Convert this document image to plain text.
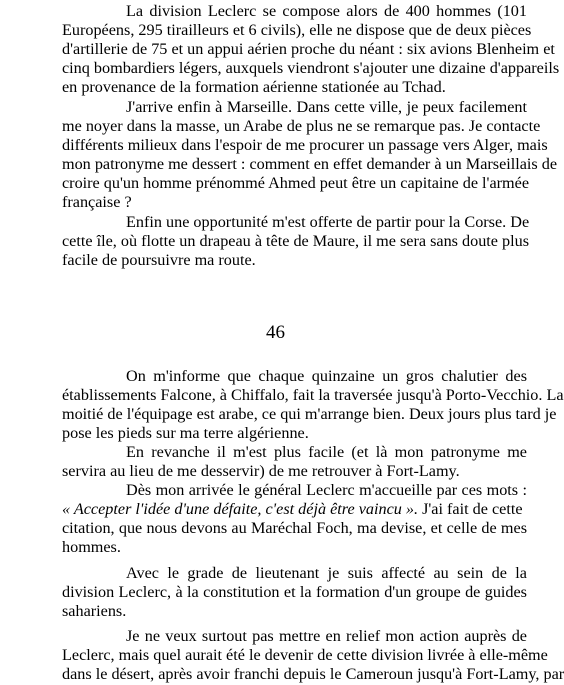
La division Leclerc se compose alors de 400 hommes (101
Européens, 295 tirailleurs et 6 civils), elle ne dispose que de deux pièces
d'artillerie de 75 et un appui aérien proche du néant : six avions Blenheim et
cinq bombardiers légers, auxquels viendront s'ajouter une dizaine d'appareils
en provenance de la formation aérienne stationée au Tchad.
J'arrive enfin à Marseille. Dans cette ville, je peux facilement
me noyer dans la masse, un Arabe de plus ne se remarque pas. Je contacte
différents milieux dans l'espoir de me procurer un passage vers Alger, mais
mon patronyme me dessert : comment en effet demander à un Marseillais de
croire qu'un homme prénommé Ahmed peut être un capitaine de l'armée
française ?
Enfin une opportunité m'est offerte de partir pour la Corse. De
cette île, où flotte un drapeau à tête de Maure, il me sera sans doute plus
facile de poursuivre ma route.
46
On m'informe que chaque quinzaine un gros chalutier des
établissements Falcone, à Chiffalo, fait la traversée jusqu'à Porto-Vecchio. La
moitié de l'équipage est arabe, ce qui m'arrange bien. Deux jours plus tard je
pose les pieds sur ma terre algérienne.
En revanche il m'est plus facile (et là mon patronyme me
servira au lieu de me desservir) de me retrouver à Fort-Lamy.
Dès mon arrivée le général Leclerc m'accueille par ces mots :
« Accepter l'idée d'une défaite, c'est déjà être vaincu ». J'ai fait de cette
citation, que nous devons au Maréchal Foch, ma devise, et celle de mes
hommes.
Avec le grade de lieutenant je suis affecté au sein de la
division Leclerc, à la constitution et la formation d'un groupe de guides
sahariens.
Je ne veux surtout pas mettre en relief mon action auprès de
Leclerc, mais quel aurait été le devenir de cette division livrée à elle-même
dans le désert, après avoir franchi depuis le Cameroun jusqu'à Fort-Lamy, par
